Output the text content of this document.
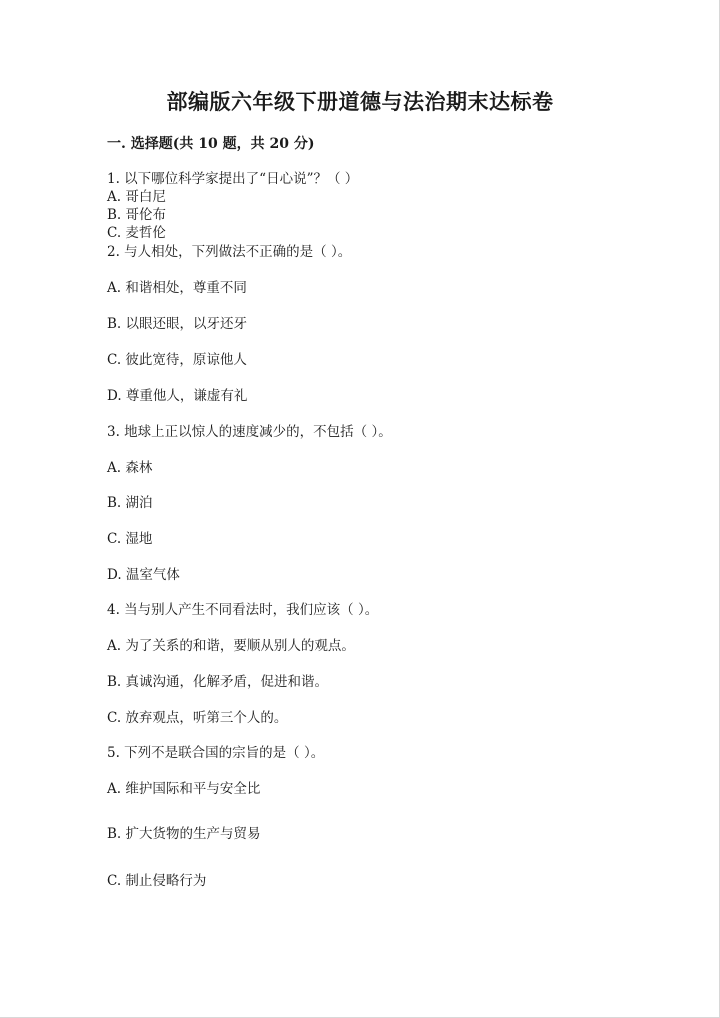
部编版六年级下册道德与法治期末达标卷
一. 选择题(共 10 题，共 20 分)
1. 以下哪位科学家提出了“日心说”？（ ）
A. 哥白尼
B. 哥伦布
C. 麦哲伦
2. 与人相处，下列做法不正确的是（ ）。
A. 和谐相处，尊重不同
B. 以眼还眼，以牙还牙
C. 彼此宽待，原谅他人
D. 尊重他人，谦虚有礼
3. 地球上正以惊人的速度减少的，不包括（ ）。
A. 森林
B. 湖泊
C. 湿地
D. 温室气体
4. 当与别人产生不同看法时，我们应该（ ）。
A. 为了关系的和谐，要顺从别人的观点。
B. 真诚沟通，化解矛盾，促进和谐。
C. 放弃观点，听第三个人的。
5. 下列不是联合国的宗旨的是（ ）。
A. 维护国际和平与安全比
B. 扩大货物的生产与贸易
C. 制止侵略行为
